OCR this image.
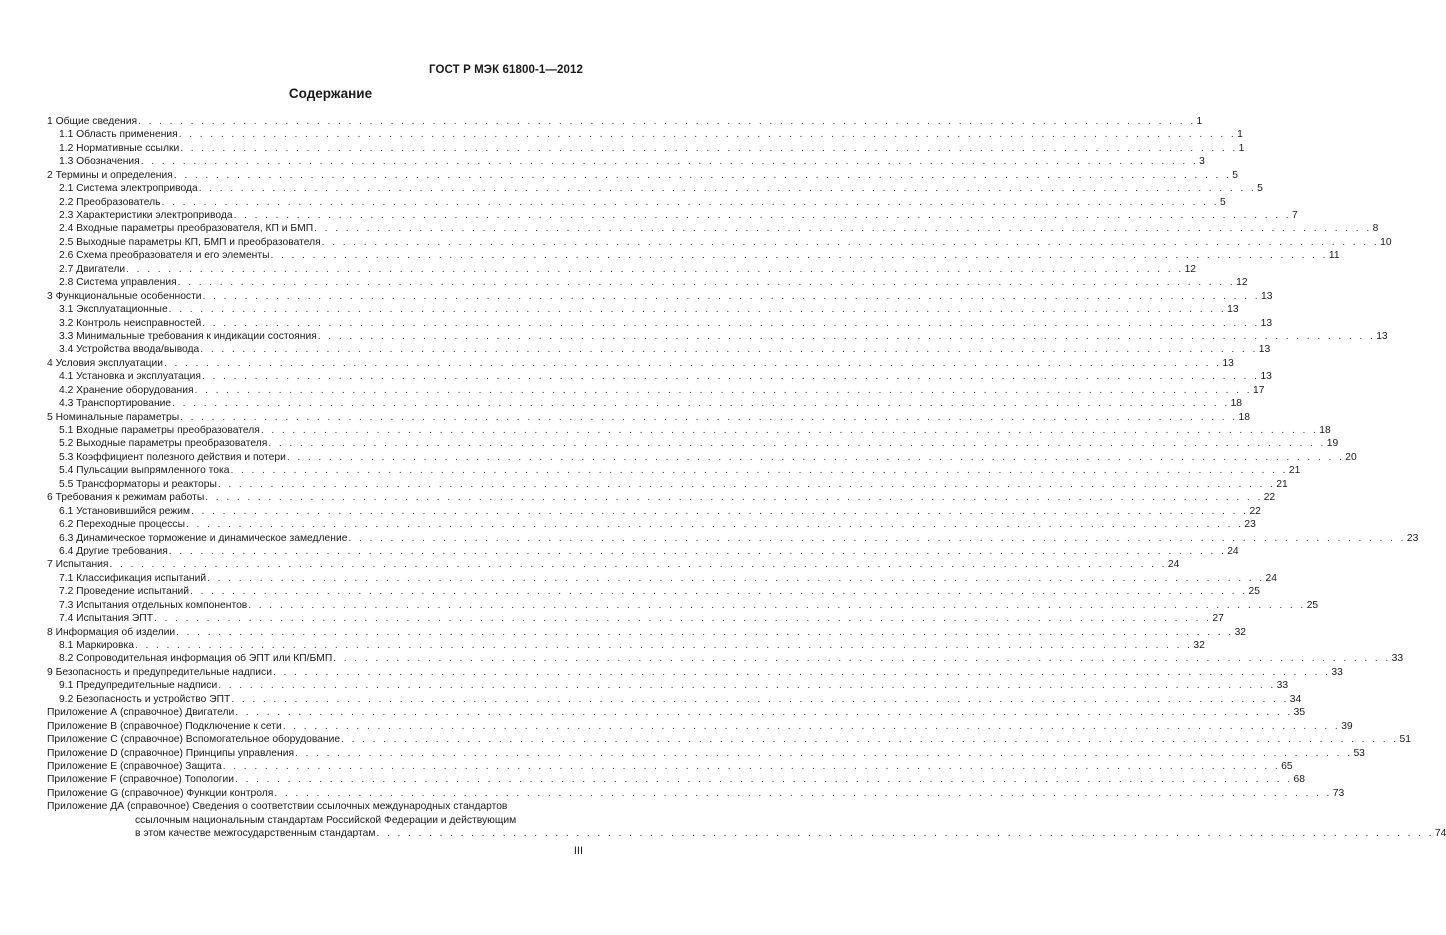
ГОСТ Р МЭК 61800-1—2012
Содержание
1 Общие сведения . . . . . . . . . . . . . . . . . . . . . . . . . . . . . . . . . . . . . . . . . . . . . . . . . . . . . . . . . . . . . . . . . . . . . . . . . . . . . . . . . . . . . . . . . . . . . . . . . . . . . 1
1.1 Область применения . . . . . . . . . . . . . . . . . . . . . . . . . . . . . . . . . . . . . . . . . . . . . . . . . . . . . . . . . . . . . . . . . . . . . . . . . . . . . . . . . . . . . . . . . . . . . . . . . . . . . 1
1.2 Нормативные ссылки . . . . . . . . . . . . . . . . . . . . . . . . . . . . . . . . . . . . . . . . . . . . . . . . . . . . . . . . . . . . . . . . . . . . . . . . . . . . . . . . . . . . . . . . . . . . . . . . . . . . . 1
1.3 Обозначения . . . . . . . . . . . . . . . . . . . . . . . . . . . . . . . . . . . . . . . . . . . . . . . . . . . . . . . . . . . . . . . . . . . . . . . . . . . . . . . . . . . . . . . . . . . . . . . . . . . . . 3
2 Термины и определения . . . . . . . . . . . . . . . . . . . . . . . . . . . . . . . . . . . . . . . . . . . . . . . . . . . . . . . . . . . . . . . . . . . . . . . . . . . . . . . . . . . . . . . . . . . . . . . . . . . . . 5
2.1 Система электропривода . . . . . . . . . . . . . . . . . . . . . . . . . . . . . . . . . . . . . . . . . . . . . . . . . . . . . . . . . . . . . . . . . . . . . . . . . . . . . . . . . . . . . . . . . . . . . . . . . . . . . 5
2.2 Преобразователь . . . . . . . . . . . . . . . . . . . . . . . . . . . . . . . . . . . . . . . . . . . . . . . . . . . . . . . . . . . . . . . . . . . . . . . . . . . . . . . . . . . . . . . . . . . . . . . . . . . . . 5
2.3 Характеристики электропривода . . . . . . . . . . . . . . . . . . . . . . . . . . . . . . . . . . . . . . . . . . . . . . . . . . . . . . . . . . . . . . . . . . . . . . . . . . . . . . . . . . . . . . . . . . . . . . . . . . . . . 7
2.4 Входные параметры преобразователя, КП и БМП . . . . . . . . . . . . . . . . . . . . . . . . . . . . . . . . . . . . . . . . . . . . . . . . . . . . . . . . . . . . . . . . . . . . . . . . . . . . . . . . . . . . . . . . . . . . . . . . . . . . . 8
2.5 Выходные параметры КП, БМП и преобразователя . . . . . . . . . . . . . . . . . . . . . . . . . . . . . . . . . . . . . . . . . . . . . . . . . . . . . . . . . . . . . . . . . . . . . . . . . . . . . . . . . . . . . . . . . . . . . . . . . . . . . 10
2.6 Схема преобразователя и его элементы . . . . . . . . . . . . . . . . . . . . . . . . . . . . . . . . . . . . . . . . . . . . . . . . . . . . . . . . . . . . . . . . . . . . . . . . . . . . . . . . . . . . . . . . . . . . . . . . . . . . . 11
2.7 Двигатели . . . . . . . . . . . . . . . . . . . . . . . . . . . . . . . . . . . . . . . . . . . . . . . . . . . . . . . . . . . . . . . . . . . . . . . . . . . . . . . . . . . . . . . . . . . . . . . . . . . . . 12
2.8 Система управления . . . . . . . . . . . . . . . . . . . . . . . . . . . . . . . . . . . . . . . . . . . . . . . . . . . . . . . . . . . . . . . . . . . . . . . . . . . . . . . . . . . . . . . . . . . . . . . . . . . . . 12
3 Функциональные особенности . . . . . . . . . . . . . . . . . . . . . . . . . . . . . . . . . . . . . . . . . . . . . . . . . . . . . . . . . . . . . . . . . . . . . . . . . . . . . . . . . . . . . . . . . . . . . . . . . . . . . 13
3.1 Эксплуатационные . . . . . . . . . . . . . . . . . . . . . . . . . . . . . . . . . . . . . . . . . . . . . . . . . . . . . . . . . . . . . . . . . . . . . . . . . . . . . . . . . . . . . . . . . . . . . . . . . . . . . 13
3.2 Контроль неисправностей . . . . . . . . . . . . . . . . . . . . . . . . . . . . . . . . . . . . . . . . . . . . . . . . . . . . . . . . . . . . . . . . . . . . . . . . . . . . . . . . . . . . . . . . . . . . . . . . . . . . . 13
3.3 Минимальные требования к индикации состояния . . . . . . . . . . . . . . . . . . . . . . . . . . . . . . . . . . . . . . . . . . . . . . . . . . . . . . . . . . . . . . . . . . . . . . . . . . . . . . . . . . . . . . . . . . . . . . . . . . . . . 13
3.4 Устройства ввода/вывода . . . . . . . . . . . . . . . . . . . . . . . . . . . . . . . . . . . . . . . . . . . . . . . . . . . . . . . . . . . . . . . . . . . . . . . . . . . . . . . . . . . . . . . . . . . . . . . . . . . . . 13
4 Условия эксплуатации . . . . . . . . . . . . . . . . . . . . . . . . . . . . . . . . . . . . . . . . . . . . . . . . . . . . . . . . . . . . . . . . . . . . . . . . . . . . . . . . . . . . . . . . . . . . . . . . . . . . . 13
4.1 Установка и эксплуатация . . . . . . . . . . . . . . . . . . . . . . . . . . . . . . . . . . . . . . . . . . . . . . . . . . . . . . . . . . . . . . . . . . . . . . . . . . . . . . . . . . . . . . . . . . . . . . . . . . . . . 13
4.2 Хранение оборудования . . . . . . . . . . . . . . . . . . . . . . . . . . . . . . . . . . . . . . . . . . . . . . . . . . . . . . . . . . . . . . . . . . . . . . . . . . . . . . . . . . . . . . . . . . . . . . . . . . . . . 17
4.3 Транспортирование . . . . . . . . . . . . . . . . . . . . . . . . . . . . . . . . . . . . . . . . . . . . . . . . . . . . . . . . . . . . . . . . . . . . . . . . . . . . . . . . . . . . . . . . . . . . . . . . . . . . . 18
5 Номинальные параметры . . . . . . . . . . . . . . . . . . . . . . . . . . . . . . . . . . . . . . . . . . . . . . . . . . . . . . . . . . . . . . . . . . . . . . . . . . . . . . . . . . . . . . . . . . . . . . . . . . . . . 18
5.1 Входные параметры преобразователя . . . . . . . . . . . . . . . . . . . . . . . . . . . . . . . . . . . . . . . . . . . . . . . . . . . . . . . . . . . . . . . . . . . . . . . . . . . . . . . . . . . . . . . . . . . . . . . . . . . . . 18
5.2 Выходные параметры преобразователя . . . . . . . . . . . . . . . . . . . . . . . . . . . . . . . . . . . . . . . . . . . . . . . . . . . . . . . . . . . . . . . . . . . . . . . . . . . . . . . . . . . . . . . . . . . . . . . . . . . . . 19
5.3 Коэффициент полезного действия и потери . . . . . . . . . . . . . . . . . . . . . . . . . . . . . . . . . . . . . . . . . . . . . . . . . . . . . . . . . . . . . . . . . . . . . . . . . . . . . . . . . . . . . . . . . . . . . . . . . . . . . 20
5.4 Пульсации выпрямленного тока . . . . . . . . . . . . . . . . . . . . . . . . . . . . . . . . . . . . . . . . . . . . . . . . . . . . . . . . . . . . . . . . . . . . . . . . . . . . . . . . . . . . . . . . . . . . . . . . . . . . . 21
5.5 Трансформаторы и реакторы . . . . . . . . . . . . . . . . . . . . . . . . . . . . . . . . . . . . . . . . . . . . . . . . . . . . . . . . . . . . . . . . . . . . . . . . . . . . . . . . . . . . . . . . . . . . . . . . . . . . . 21
6 Требования к режимам работы . . . . . . . . . . . . . . . . . . . . . . . . . . . . . . . . . . . . . . . . . . . . . . . . . . . . . . . . . . . . . . . . . . . . . . . . . . . . . . . . . . . . . . . . . . . . . . . . . . . . . 22
6.1 Установившийся режим . . . . . . . . . . . . . . . . . . . . . . . . . . . . . . . . . . . . . . . . . . . . . . . . . . . . . . . . . . . . . . . . . . . . . . . . . . . . . . . . . . . . . . . . . . . . . . . . . . . . . 22
6.2 Переходные процессы . . . . . . . . . . . . . . . . . . . . . . . . . . . . . . . . . . . . . . . . . . . . . . . . . . . . . . . . . . . . . . . . . . . . . . . . . . . . . . . . . . . . . . . . . . . . . . . . . . . . . 23
6.3 Динамическое торможение и динамическое замедление . . . . . . . . . . . . . . . . . . . . . . . . . . . . . . . . . . . . . . . . . . . . . . . . . . . . . . . . . . . . . . . . . . . . . . . . . . . . . . . . . . . . . . . . . . . . . . . . . . . . . 23
6.4 Другие требования . . . . . . . . . . . . . . . . . . . . . . . . . . . . . . . . . . . . . . . . . . . . . . . . . . . . . . . . . . . . . . . . . . . . . . . . . . . . . . . . . . . . . . . . . . . . . . . . . . . . . 24
7 Испытания . . . . . . . . . . . . . . . . . . . . . . . . . . . . . . . . . . . . . . . . . . . . . . . . . . . . . . . . . . . . . . . . . . . . . . . . . . . . . . . . . . . . . . . . . . . . . . . . . . . . . 24
7.1 Классификация испытаний . . . . . . . . . . . . . . . . . . . . . . . . . . . . . . . . . . . . . . . . . . . . . . . . . . . . . . . . . . . . . . . . . . . . . . . . . . . . . . . . . . . . . . . . . . . . . . . . . . . . . 24
7.2 Проведение испытаний . . . . . . . . . . . . . . . . . . . . . . . . . . . . . . . . . . . . . . . . . . . . . . . . . . . . . . . . . . . . . . . . . . . . . . . . . . . . . . . . . . . . . . . . . . . . . . . . . . . . . 25
7.3 Испытания отдельных компонентов . . . . . . . . . . . . . . . . . . . . . . . . . . . . . . . . . . . . . . . . . . . . . . . . . . . . . . . . . . . . . . . . . . . . . . . . . . . . . . . . . . . . . . . . . . . . . . . . . . . . . 25
7.4 Испытания ЭПТ . . . . . . . . . . . . . . . . . . . . . . . . . . . . . . . . . . . . . . . . . . . . . . . . . . . . . . . . . . . . . . . . . . . . . . . . . . . . . . . . . . . . . . . . . . . . . . . . . . . . . 27
8 Информация об изделии . . . . . . . . . . . . . . . . . . . . . . . . . . . . . . . . . . . . . . . . . . . . . . . . . . . . . . . . . . . . . . . . . . . . . . . . . . . . . . . . . . . . . . . . . . . . . . . . . . . . . 32
8.1 Маркировка . . . . . . . . . . . . . . . . . . . . . . . . . . . . . . . . . . . . . . . . . . . . . . . . . . . . . . . . . . . . . . . . . . . . . . . . . . . . . . . . . . . . . . . . . . . . . . . . . . . . . 32
8.2 Сопроводительная информация об ЭПТ или КП/БМП . . . . . . . . . . . . . . . . . . . . . . . . . . . . . . . . . . . . . . . . . . . . . . . . . . . . . . . . . . . . . . . . . . . . . . . . . . . . . . . . . . . . . . . . . . . . . . . . . . . . . 33
9 Безопасность и предупредительные надписи . . . . . . . . . . . . . . . . . . . . . . . . . . . . . . . . . . . . . . . . . . . . . . . . . . . . . . . . . . . . . . . . . . . . . . . . . . . . . . . . . . . . . . . . . . . . . . . . . . . . . 33
9.1 Предупредительные надписи . . . . . . . . . . . . . . . . . . . . . . . . . . . . . . . . . . . . . . . . . . . . . . . . . . . . . . . . . . . . . . . . . . . . . . . . . . . . . . . . . . . . . . . . . . . . . . . . . . . . . 33
9.2 Безопасность и устройство ЭПТ . . . . . . . . . . . . . . . . . . . . . . . . . . . . . . . . . . . . . . . . . . . . . . . . . . . . . . . . . . . . . . . . . . . . . . . . . . . . . . . . . . . . . . . . . . . . . . . . . . . . . 34
Приложение А (справочное) Двигатели . . . . . . . . . . . . . . . . . . . . . . . . . . . . . . . . . . . . . . . . . . . . . . . . . . . . . . . . . . . . . . . . . . . . . . . . . . . . . . . . . . . . . . . . . . . . . . . . . . . . . 35
Приложение В (справочное) Подключение к сети . . . . . . . . . . . . . . . . . . . . . . . . . . . . . . . . . . . . . . . . . . . . . . . . . . . . . . . . . . . . . . . . . . . . . . . . . . . . . . . . . . . . . . . . . . . . . . . . . . . . . 39
Приложение С (справочное) Вспомогательное оборудование . . . . . . . . . . . . . . . . . . . . . . . . . . . . . . . . . . . . . . . . . . . . . . . . . . . . . . . . . . . . . . . . . . . . . . . . . . . . . . . . . . . . . . . . . . . . . . . . . . . . . 51
Приложение D (справочное) Принципы управления . . . . . . . . . . . . . . . . . . . . . . . . . . . . . . . . . . . . . . . . . . . . . . . . . . . . . . . . . . . . . . . . . . . . . . . . . . . . . . . . . . . . . . . . . . . . . . . . . . . . . 53
Приложение Е (справочное) Защита . . . . . . . . . . . . . . . . . . . . . . . . . . . . . . . . . . . . . . . . . . . . . . . . . . . . . . . . . . . . . . . . . . . . . . . . . . . . . . . . . . . . . . . . . . . . . . . . . . . . . 65
Приложение F (справочное) Топологии . . . . . . . . . . . . . . . . . . . . . . . . . . . . . . . . . . . . . . . . . . . . . . . . . . . . . . . . . . . . . . . . . . . . . . . . . . . . . . . . . . . . . . . . . . . . . . . . . . . . . 68
Приложение G (справочное) Функции контроля . . . . . . . . . . . . . . . . . . . . . . . . . . . . . . . . . . . . . . . . . . . . . . . . . . . . . . . . . . . . . . . . . . . . . . . . . . . . . . . . . . . . . . . . . . . . . . . . . . . . . 73
Приложение ДА (справочное) Сведения о соответствии ссылочных международных стандартов
ссылочным национальным стандартам Российской Федерации и действующим
в этом качестве межгосударственным стандартам . . . . . . . . . . . . . . . . . . . . . . . . . . . . . . . . . . . . . . . . . . . . . . . . . . . . . . . . . . . . . . . . . . . . . . . . . . . . . . . . . . . . . . . . . . . . . . . . . . . . . 74
III
